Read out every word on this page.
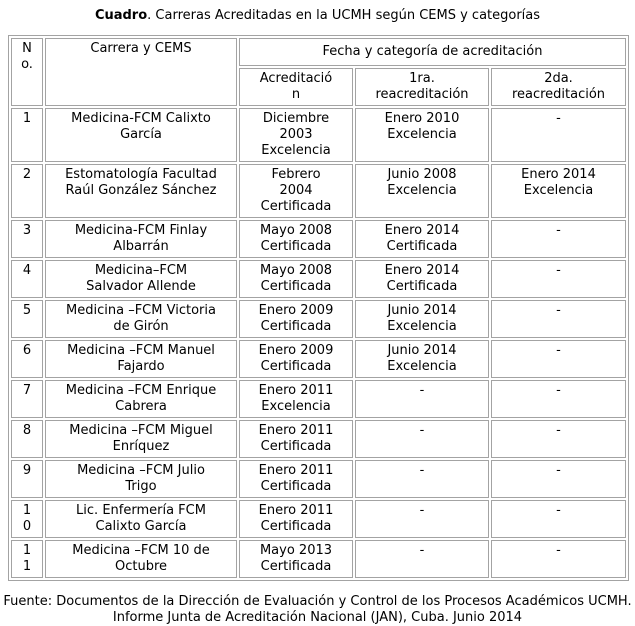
Cuadro. Carreras Acreditadas en la UCMH según CEMS y categorías
No.	Carrera y CEMS	Fecha y categoría de acreditación		
		Acreditación	1ra. reacreditación	2da. reacreditación
1	Medicina-FCM Calixto García	Diciembre 2003 Excelencia	Enero 2010 Excelencia	-
2	Estomatología Facultad Raúl González Sánchez	Febrero 2004 Certificada	Junio 2008 Excelencia	Enero 2014 Excelencia
3	Medicina-FCM Finlay Albarrán	Mayo 2008 Certificada	Enero 2014 Certificada	-
4	Medicina–FCM Salvador Allende	Mayo 2008 Certificada	Enero 2014 Certificada	-
5	Medicina –FCM Victoria de Girón	Enero 2009 Certificada	Junio 2014 Excelencia	-
6	Medicina –FCM Manuel Fajardo	Enero 2009 Certificada	Junio 2014 Excelencia	-
7	Medicina –FCM Enrique Cabrera	Enero 2011 Excelencia	-	-
8	Medicina –FCM Miguel Enríquez	Enero 2011 Certificada	-	-
9	Medicina –FCM Julio Trigo	Enero 2011 Certificada	-	-
10	Lic. Enfermería FCM Calixto García	Enero 2011 Certificada	-	-
11	Medicina –FCM 10 de Octubre	Mayo 2013 Certificada	-	-
Fuente: Documentos de la Dirección de Evaluación y Control de los Procesos Académicos UCMH.
Informe Junta de Acreditación Nacional (JAN), Cuba. Junio 2014
